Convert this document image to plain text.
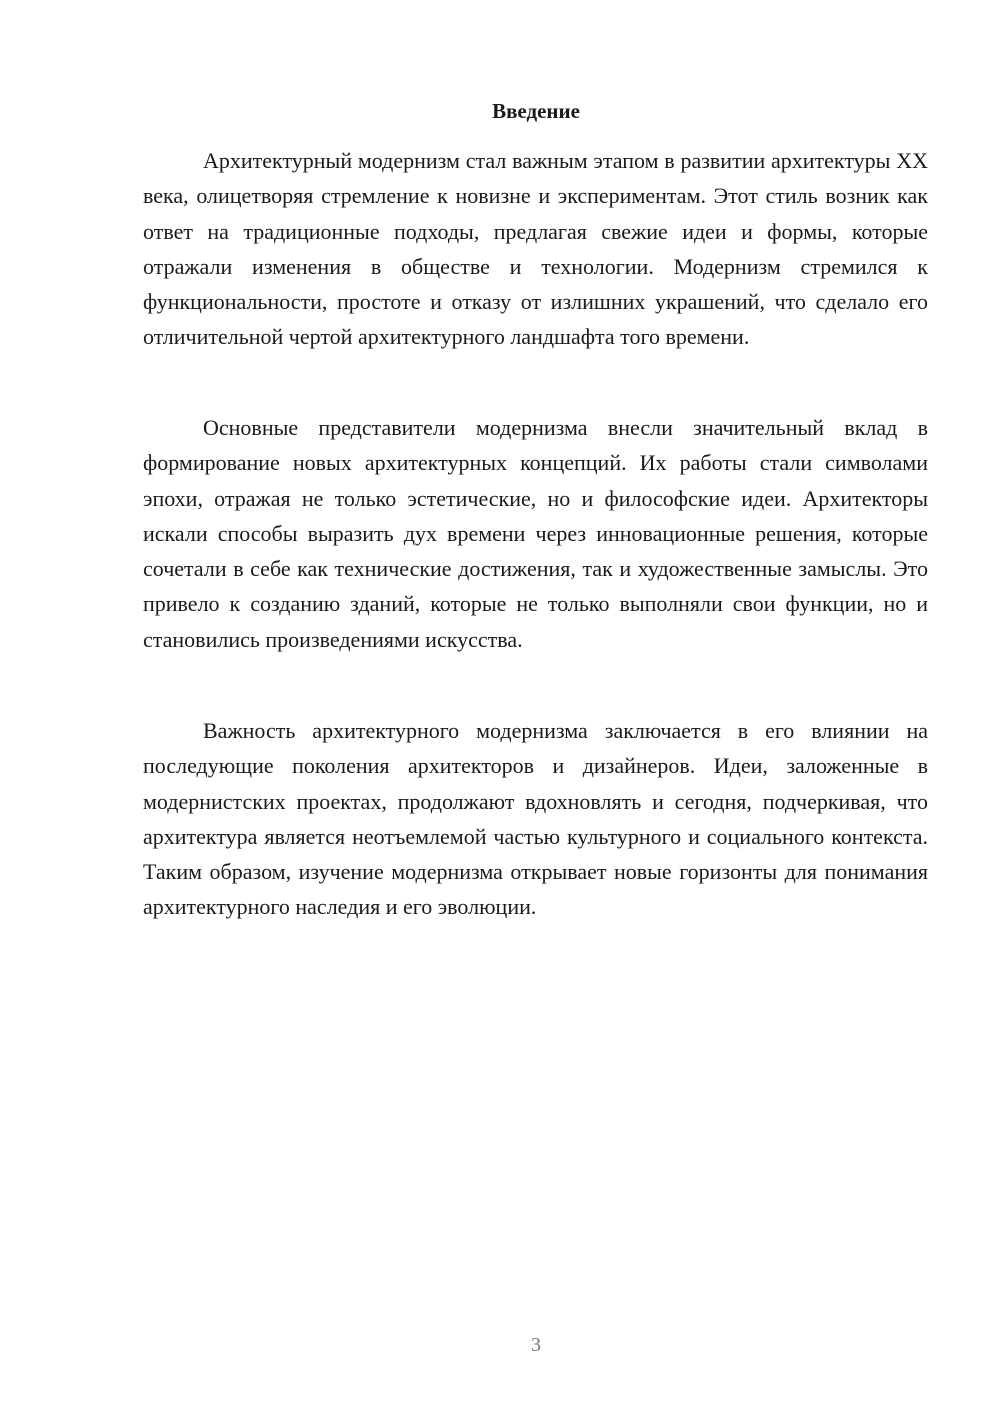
Введение

Архитектурный модернизм стал важным этапом в развитии архитектуры XX века, олицетворяя стремление к новизне и экспериментам. Этот стиль возник как ответ на традиционные подходы, предлагая свежие идеи и формы, которые отражали изменения в обществе и технологии. Модернизм стремился к функциональности, простоте и отказу от излишних украшений, что сделало его отличительной чертой архитектурного ландшафта того времени.

Основные представители модернизма внесли значительный вклад в формирование новых архитектурных концепций. Их работы стали символами эпохи, отражая не только эстетические, но и философские идеи. Архитекторы искали способы выразить дух времени через инновационные решения, которые сочетали в себе как технические достижения, так и художественные замыслы. Это привело к созданию зданий, которые не только выполняли свои функции, но и становились произведениями искусства.

Важность архитектурного модернизма заключается в его влиянии на последующие поколения архитекторов и дизайнеров. Идеи, заложенные в модернистских проектах, продолжают вдохновлять и сегодня, подчеркивая, что архитектура является неотъемлемой частью культурного и социального контекста. Таким образом, изучение модернизма открывает новые горизонты для понимания архитектурного наследия и его эволюции.

3
